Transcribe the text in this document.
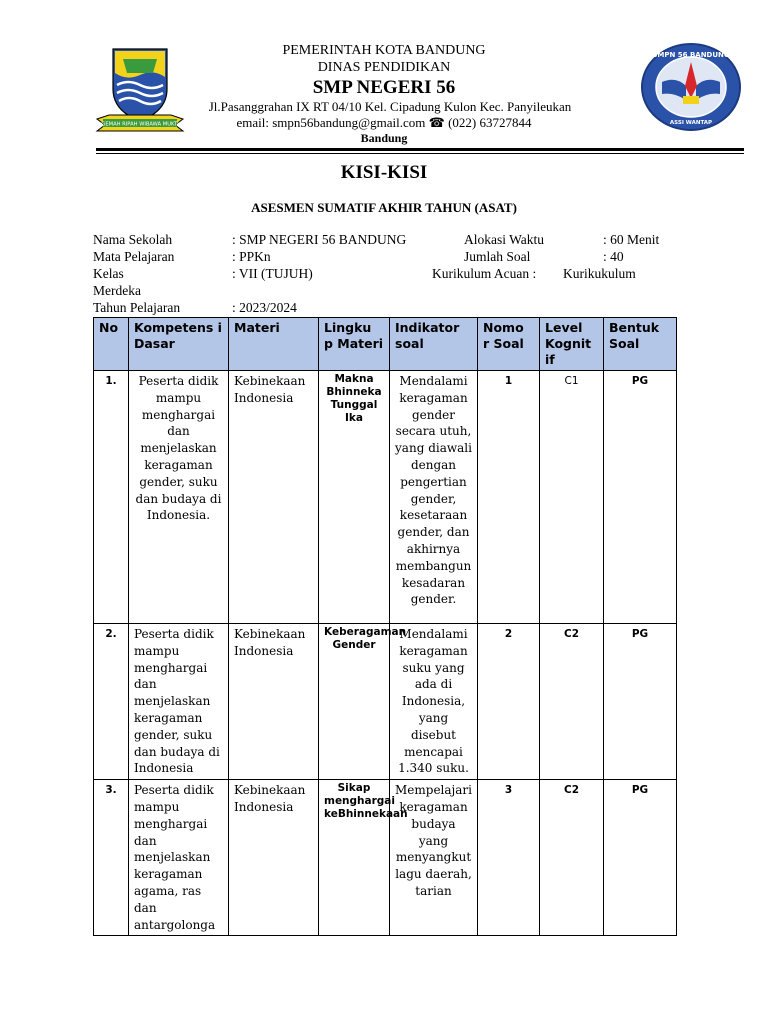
GEMAH RIPAH WIBAWA MUKTI
SMPN 56 BANDUNG
ASSI WANTAP
PEMERINTAH KOTA BANDUNG
DINAS PENDIDIKAN
SMP NEGERI 56
Jl.Pasanggrahan IX RT 04/10 Kel. Cipadung Kulon Kec. Panyileukan
email: smpn56bandung@gmail.com ☎ (022) 63727844
Bandung
KISI-KISI
ASESMEN SUMATIF AKHIR TAHUN (ASAT)
Nama Sekolah	: SMP NEGERI 56 BANDUNG	Alokasi Waktu	: 60 Menit
Mata Pelajaran	: PPKn	Jumlah Soal	: 40
Kelas	: VII (TUJUH)	Kurikulum Acuan : Kurikukulum
Merdeka
Tahun Pelajaran	: 2023/2024
No	Kompetens i Dasar	Materi	Lingku p Materi	Indikator soal	Nomo r Soal	Level Kognit if	Bentuk Soal
1.	Peserta didik mampu menghargai dan menjelaskan keragaman gender, suku dan budaya di Indonesia.	Kebinekaan Indonesia	Makna Bhinneka Tunggal Ika	Mendalami keragaman gender secara utuh, yang diawali dengan pengertian gender, kesetaraan gender, dan akhirnya membangun kesadaran gender.	1	C1	PG
2.	Peserta didik mampu menghargai dan menjelaskan keragaman gender, suku dan budaya di Indonesia	Kebinekaan Indonesia	Keberagaman Gender	Mendalami keragaman suku yang ada di Indonesia, yang disebut mencapai 1.340 suku.	2	C2	PG
3.	Peserta didik mampu menghargai dan menjelaskan keragaman agama, ras dan antargolonga	Kebinekaan Indonesia	Sikap menghargai keBhinnekaan	Mempelajari keragaman budaya yang menyangkut lagu daerah, tarian	3	C2	PG
